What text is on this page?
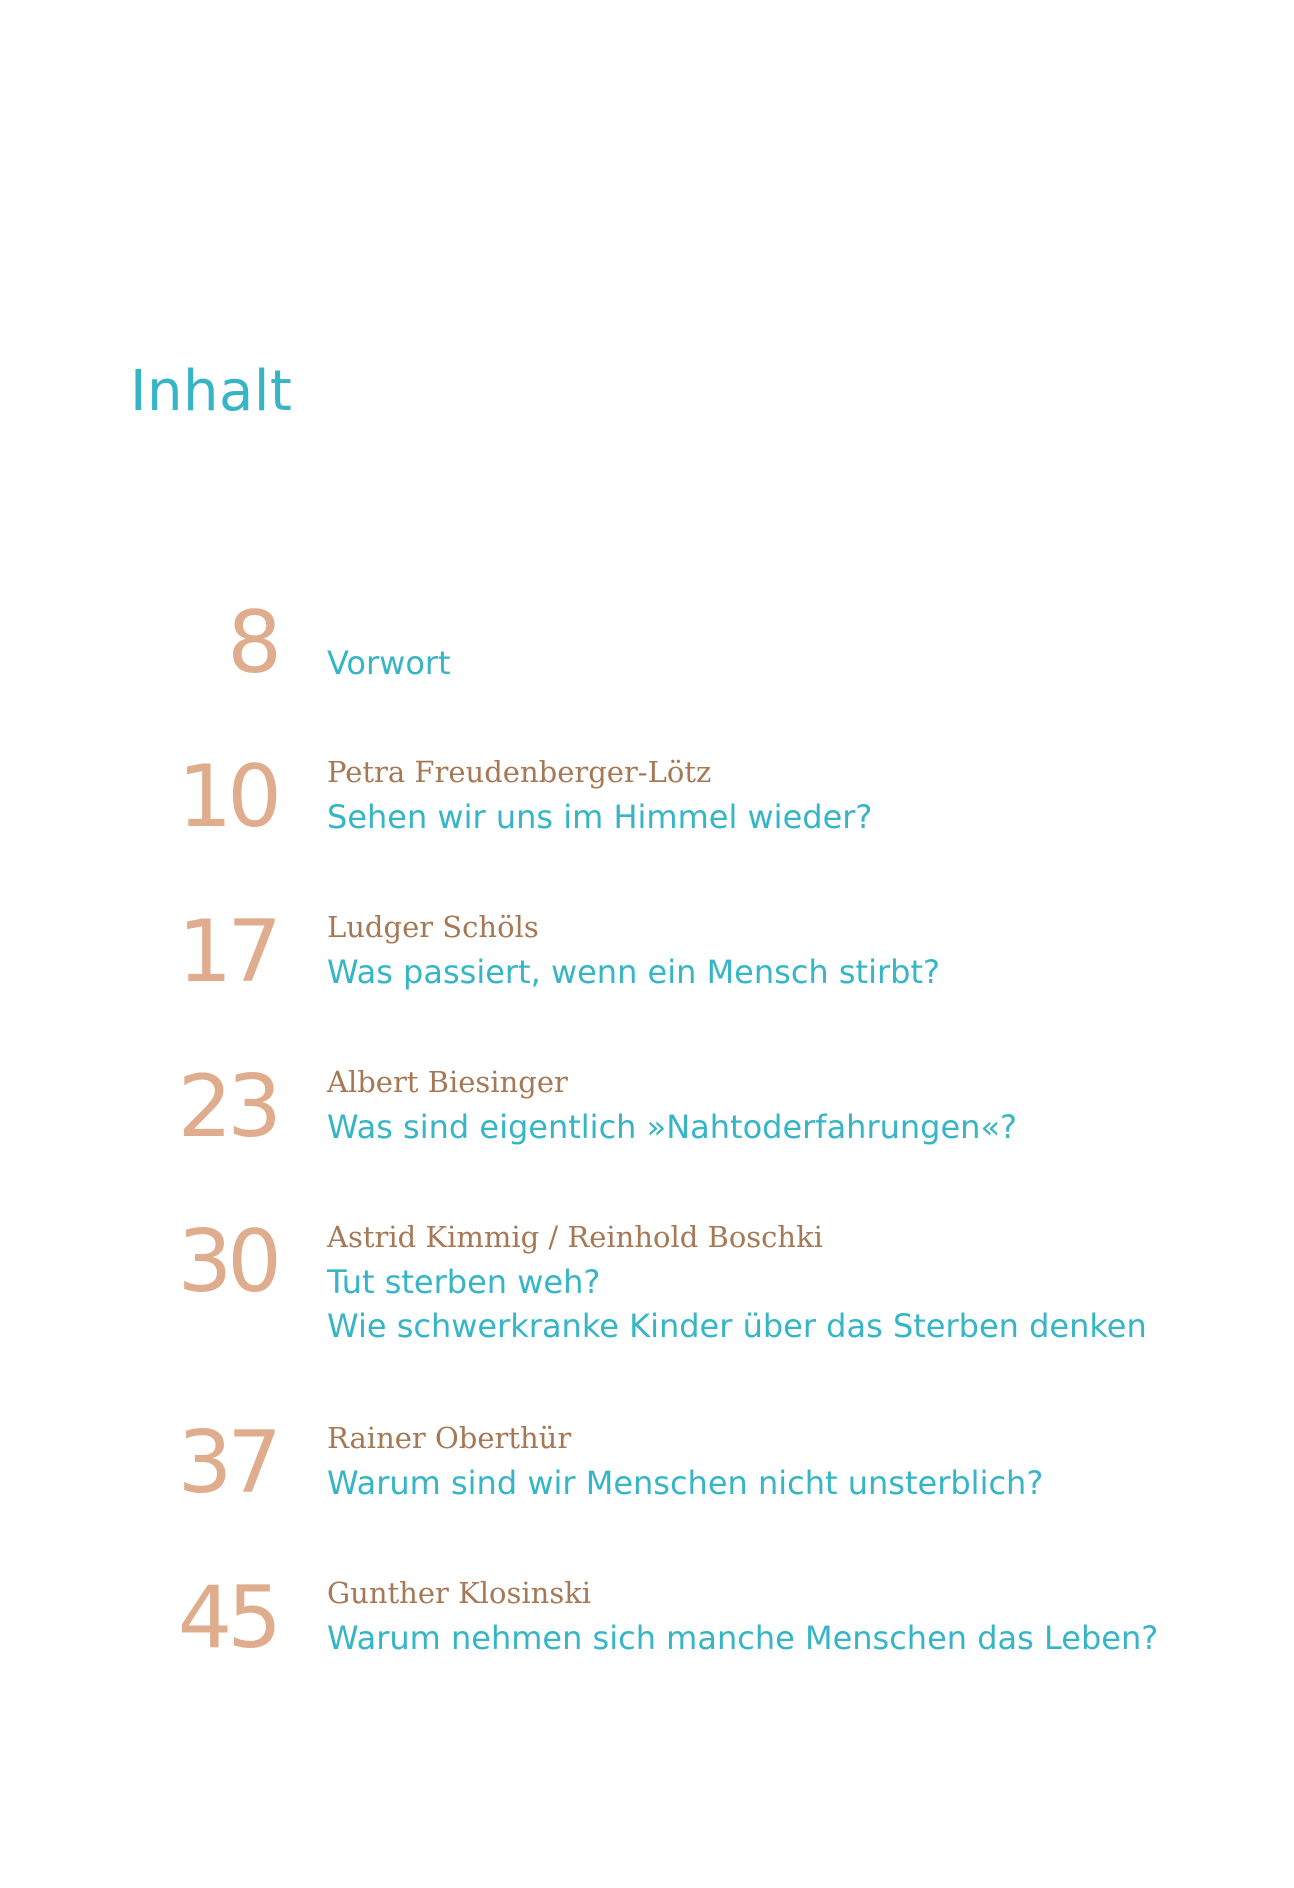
Inhalt
8 Vorwort
10 Petra Freudenberger-Lötz
Sehen wir uns im Himmel wieder?
17 Ludger Schöls
Was passiert, wenn ein Mensch stirbt?
23 Albert Biesinger
Was sind eigentlich »Nahtoderfahrungen«?
30 Astrid Kimmig / Reinhold Boschki
Tut sterben weh?
Wie schwerkranke Kinder über das Sterben denken
37 Rainer Oberthür
Warum sind wir Menschen nicht unsterblich?
45 Gunther Klosinski
Warum nehmen sich manche Menschen das Leben?
